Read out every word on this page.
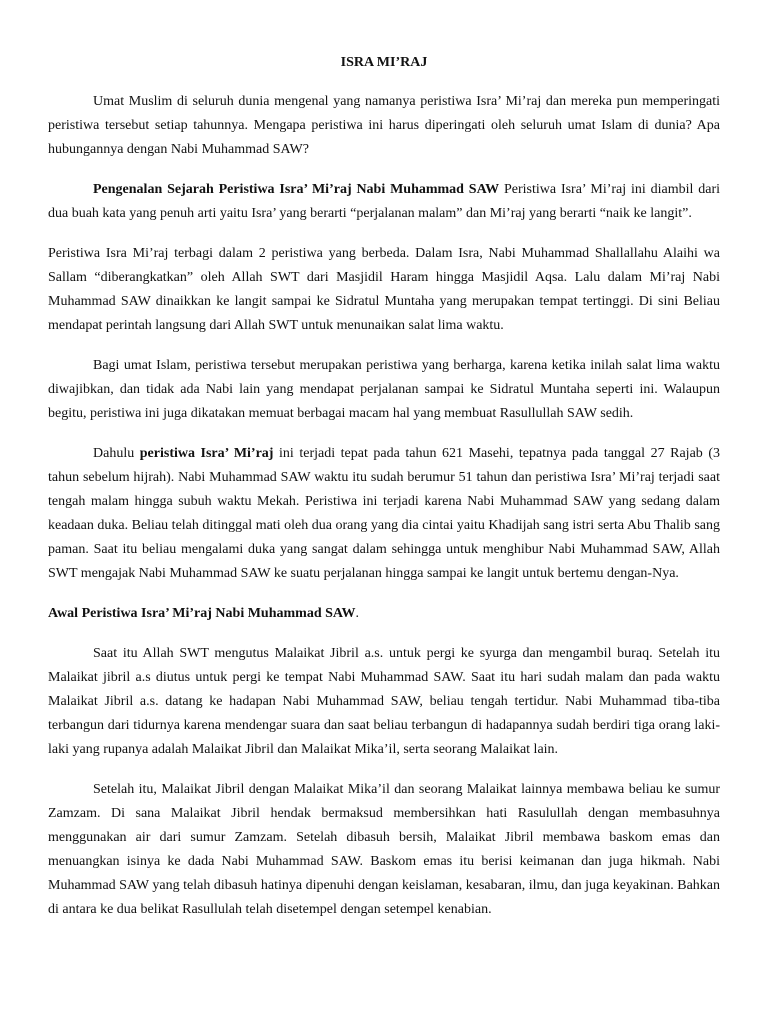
ISRA MI’RAJ

Umat Muslim di seluruh dunia mengenal yang namanya peristiwa Isra’ Mi’raj dan mereka pun memperingati peristiwa tersebut setiap tahunnya. Mengapa peristiwa ini harus diperingati oleh seluruh umat Islam di dunia? Apa hubungannya dengan Nabi Muhammad SAW?

Pengenalan Sejarah Peristiwa Isra’ Mi’raj Nabi Muhammad SAW Peristiwa Isra’ Mi’raj ini diambil dari dua buah kata yang penuh arti yaitu Isra’ yang berarti “perjalanan malam” dan Mi’raj yang berarti “naik ke langit”.

Peristiwa Isra Mi’raj terbagi dalam 2 peristiwa yang berbeda. Dalam Isra, Nabi Muhammad Shallallahu Alaihi wa Sallam “diberangkatkan” oleh Allah SWT dari Masjidil Haram hingga Masjidil Aqsa. Lalu dalam Mi’raj Nabi Muhammad SAW dinaikkan ke langit sampai ke Sidratul Muntaha yang merupakan tempat tertinggi. Di sini Beliau mendapat perintah langsung dari Allah SWT untuk menunaikan salat lima waktu.

Bagi umat Islam, peristiwa tersebut merupakan peristiwa yang berharga, karena ketika inilah salat lima waktu diwajibkan, dan tidak ada Nabi lain yang mendapat perjalanan sampai ke Sidratul Muntaha seperti ini. Walaupun begitu, peristiwa ini juga dikatakan memuat berbagai macam hal yang membuat Rasullullah SAW sedih.

Dahulu peristiwa Isra’ Mi’raj ini terjadi tepat pada tahun 621 Masehi, tepatnya pada tanggal 27 Rajab (3 tahun sebelum hijrah). Nabi Muhammad SAW waktu itu sudah berumur 51 tahun dan peristiwa Isra’ Mi’raj terjadi saat tengah malam hingga subuh waktu Mekah. Peristiwa ini terjadi karena Nabi Muhammad SAW yang sedang dalam keadaan duka. Beliau telah ditinggal mati oleh dua orang yang dia cintai yaitu Khadijah sang istri serta Abu Thalib sang paman. Saat itu beliau mengalami duka yang sangat dalam sehingga untuk menghibur Nabi Muhammad SAW, Allah SWT mengajak Nabi Muhammad SAW ke suatu perjalanan hingga sampai ke langit untuk bertemu dengan-Nya.

Awal Peristiwa Isra’ Mi’raj Nabi Muhammad SAW.

Saat itu Allah SWT mengutus Malaikat Jibril a.s. untuk pergi ke syurga dan mengambil buraq. Setelah itu Malaikat jibril a.s diutus untuk pergi ke tempat Nabi Muhammad SAW. Saat itu hari sudah malam dan pada waktu Malaikat Jibril a.s. datang ke hadapan Nabi Muhammad SAW, beliau tengah tertidur. Nabi Muhammad tiba-tiba terbangun dari tidurnya karena mendengar suara dan saat beliau terbangun di hadapannya sudah berdiri tiga orang laki-laki yang rupanya adalah Malaikat Jibril dan Malaikat Mika’il, serta seorang Malaikat lain.

Setelah itu, Malaikat Jibril dengan Malaikat Mika’il dan seorang Malaikat lainnya membawa beliau ke sumur Zamzam. Di sana Malaikat Jibril hendak bermaksud membersihkan hati Rasulullah dengan membasuhnya menggunakan air dari sumur Zamzam. Setelah dibasuh bersih, Malaikat Jibril membawa baskom emas dan menuangkan isinya ke dada Nabi Muhammad SAW. Baskom emas itu berisi keimanan dan juga hikmah. Nabi Muhammad SAW yang telah dibasuh hatinya dipenuhi dengan keislaman, kesabaran, ilmu, dan juga keyakinan. Bahkan di antara ke dua belikat Rasullulah telah disetempel dengan setempel kenabian.
